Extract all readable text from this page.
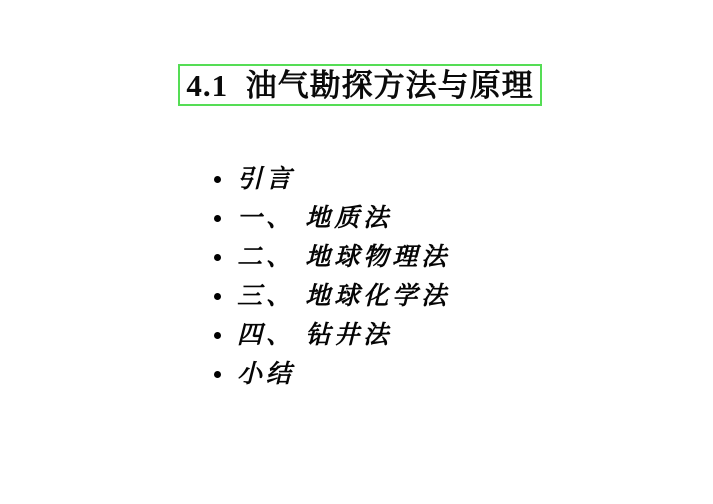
4.1  油气勘探方法与原理
引言
一、 地质法
二、 地球物理法
三、 地球化学法
四、 钻井法
小结
